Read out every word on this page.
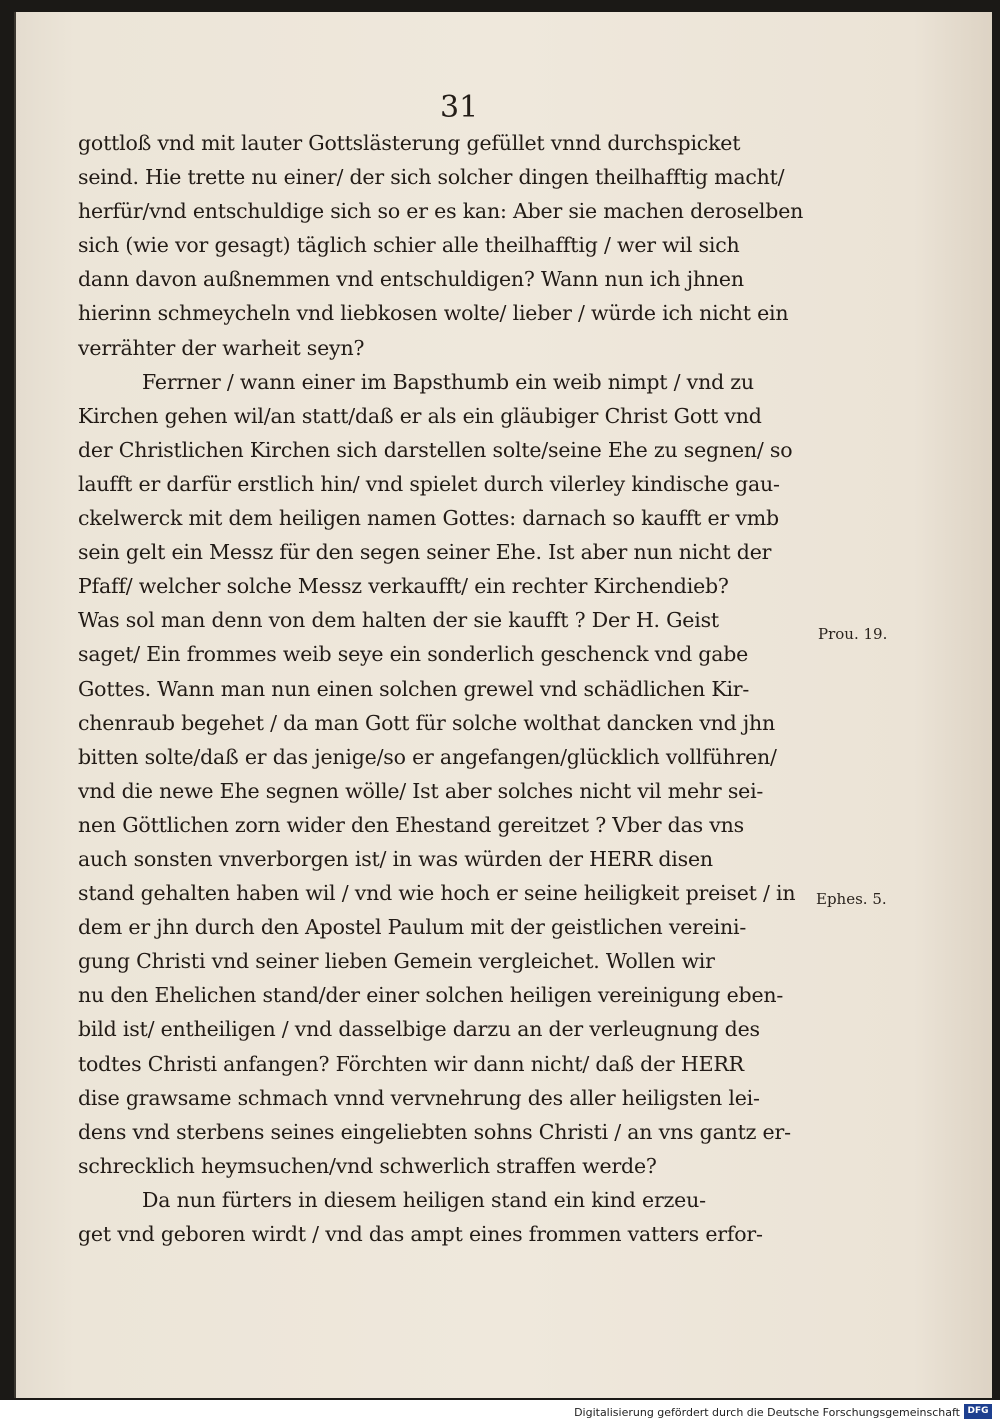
31
gottloß vnd mit lauter Gottslästerung gefüllet vnnd durchspicket
seind. Hie trette nu einer/ der sich solcher dingen theilhafftig macht/
herfür/vnd entschuldige sich so er es kan: Aber sie machen deroselben
sich (wie vor gesagt) täglich schier alle theilhafftig / wer wil sich
dann davon außnemmen vnd entschuldigen? Wann nun ich jhnen
hierinn schmeycheln vnd liebkosen wolte/ lieber / würde ich nicht ein
verrähter der warheit seyn?
Ferrner / wann einer im Bapsthumb ein weib nimpt / vnd zu
Kirchen gehen wil/an statt/daß er als ein gläubiger Christ Gott vnd
der Christlichen Kirchen sich darstellen solte/seine Ehe zu segnen/ so
laufft er darfür erstlich hin/ vnd spielet durch vilerley kindische gau-
ckelwerck mit dem heiligen namen Gottes: darnach so kaufft er vmb
sein gelt ein Messz für den segen seiner Ehe. Ist aber nun nicht der
Pfaff/ welcher solche Messz verkaufft/ ein rechter Kirchendieb?
Was sol man denn von dem halten der sie kaufft ? Der H. Geist
saget/ Ein frommes weib seye ein sonderlich geschenck vnd gabe
Gottes. Wann man nun einen solchen grewel vnd schädlichen Kir-
chenraub begehet / da man Gott für solche wolthat dancken vnd jhn
bitten solte/daß er das jenige/so er angefangen/glücklich vollführen/
vnd die newe Ehe segnen wölle/ Ist aber solches nicht vil mehr sei-
nen Göttlichen zorn wider den Ehestand gereitzet ? Vber das vns
auch sonsten vnverborgen ist/ in was würden der HERR disen
stand gehalten haben wil / vnd wie hoch er seine heiligkeit preiset / in
dem er jhn durch den Apostel Paulum mit der geistlichen vereini-
gung Christi vnd seiner lieben Gemein vergleichet. Wollen wir
nu den Ehelichen stand/der einer solchen heiligen vereinigung eben-
bild ist/ entheiligen / vnd dasselbige darzu an der verleugnung des
todtes Christi anfangen? Förchten wir dann nicht/ daß der HERR
dise grawsame schmach vnnd vervnehrung des aller heiligsten lei-
dens vnd sterbens seines eingeliebten sohns Christi / an vns gantz er-
schrecklich heymsuchen/vnd schwerlich straffen werde?
Da nun fürters in diesem heiligen stand ein kind erzeu-
get vnd geboren wirdt / vnd das ampt eines frommen vatters erfor-
Prou. 19.
Ephes. 5.
Digitalisierung gefördert durch die Deutsche Forschungsgemeinschaft DFG
